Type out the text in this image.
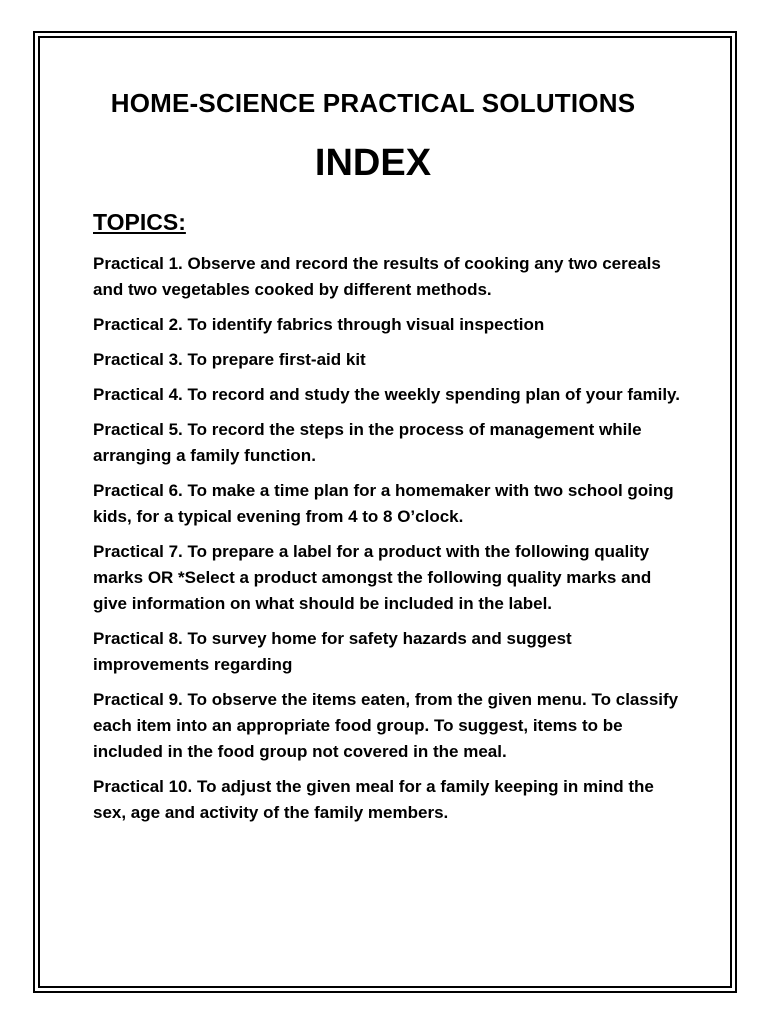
HOME-SCIENCE PRACTICAL SOLUTIONS
INDEX
TOPICS:
Practical 1. Observe and record the results of cooking any two cereals and two vegetables cooked by different methods.
Practical 2. To identify fabrics through visual inspection
Practical 3. To prepare first-aid kit
Practical 4. To record and study the weekly spending plan of your family.
Practical 5. To record the steps in the process of management while arranging a family function.
Practical 6. To make a time plan for a homemaker with two school going kids, for a typical evening from 4 to 8 O’clock.
Practical 7. To prepare a label for a product with the following quality marks OR *Select a product amongst the following quality marks and give information on what should be included in the label.
Practical 8. To survey home for safety hazards and suggest improvements regarding
Practical 9. To observe the items eaten, from the given menu. To classify each item into an appropriate food group. To suggest, items to be included in the food group not covered in the meal.
Practical 10. To adjust the given meal for a family keeping in mind the sex, age and activity of the family members.
